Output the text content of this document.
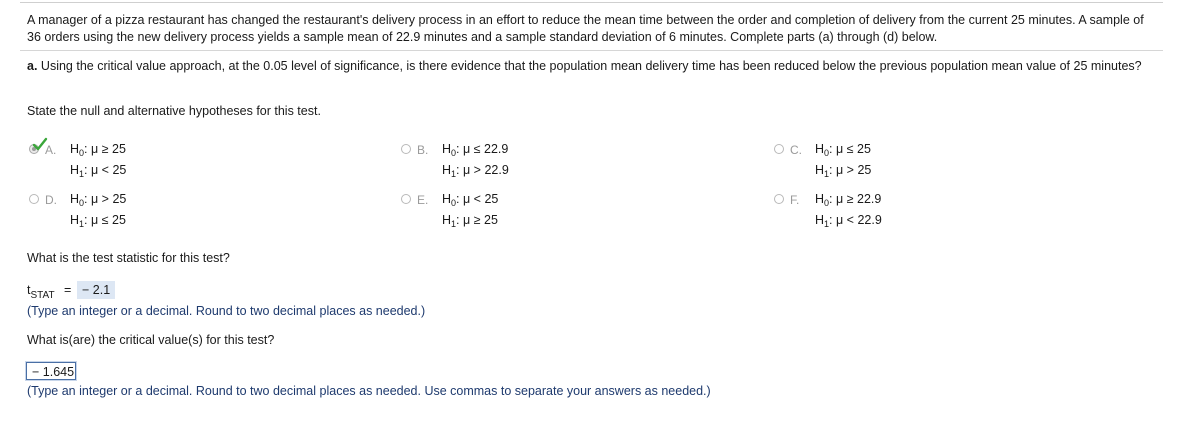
A manager of a pizza restaurant has changed the restaurant's delivery process in an effort to reduce the mean time between the order and completion of delivery from the current 25 minutes. A sample of 36 orders using the new delivery process yields a sample mean of 22.9 minutes and a sample standard deviation of 6 minutes. Complete parts (a) through (d) below.
a. Using the critical value approach, at the 0.05 level of significance, is there evidence that the population mean delivery time has been reduced below the previous population mean value of 25 minutes?
State the null and alternative hypotheses for this test.
A. $H_0$: μ ≥ 25
$H_1$: μ < 25
B. $H_0$: μ ≤ 22.9
$H_1$: μ > 22.9
C. $H_0$: μ ≤ 25
$H_1$: μ > 25
D. $H_0$: μ > 25
$H_1$: μ ≤ 25
E. $H_0$: μ < 25
$H_1$: μ ≥ 25
F. $H_0$: μ ≥ 22.9
$H_1$: μ < 22.9
What is the test statistic for this test?
$t_{STAT}$ = − 2.1
(Type an integer or a decimal. Round to two decimal places as needed.)
What is(are) the critical value(s) for this test?
− 1.645
(Type an integer or a decimal. Round to two decimal places as needed. Use commas to separate your answers as needed.)
